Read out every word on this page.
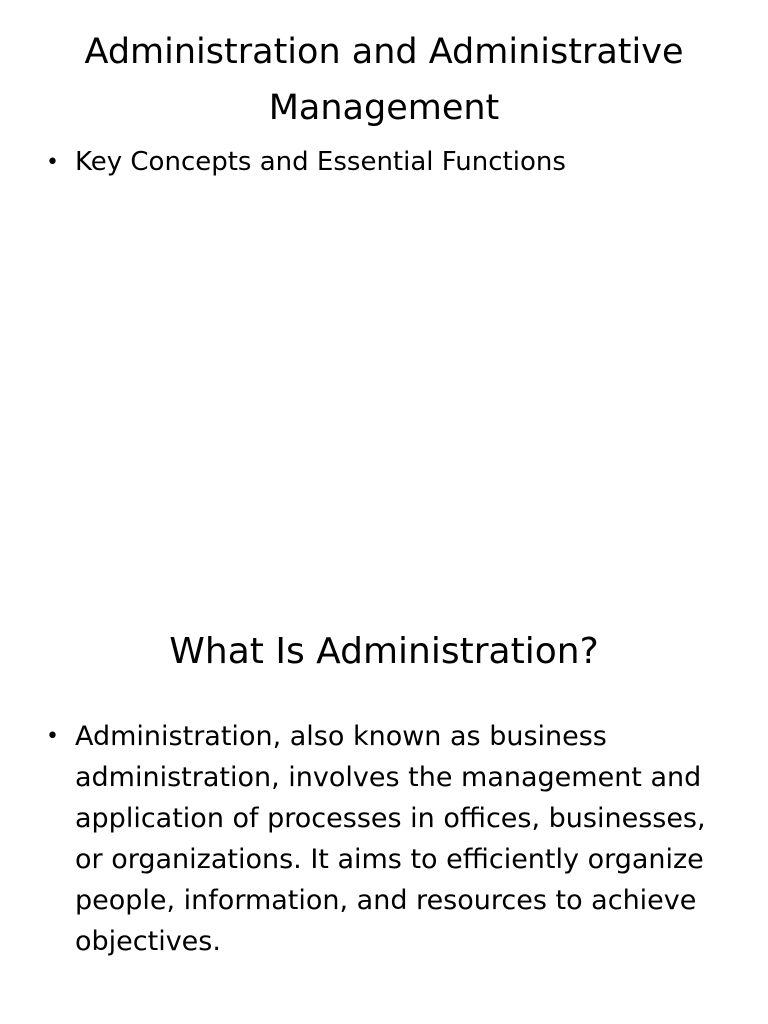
Administration and Administrative Management
• Key Concepts and Essential Functions
What Is Administration?
• Administration, also known as business administration, involves the management and application of processes in offices, businesses, or organizations. It aims to efficiently organize people, information, and resources to achieve objectives.
